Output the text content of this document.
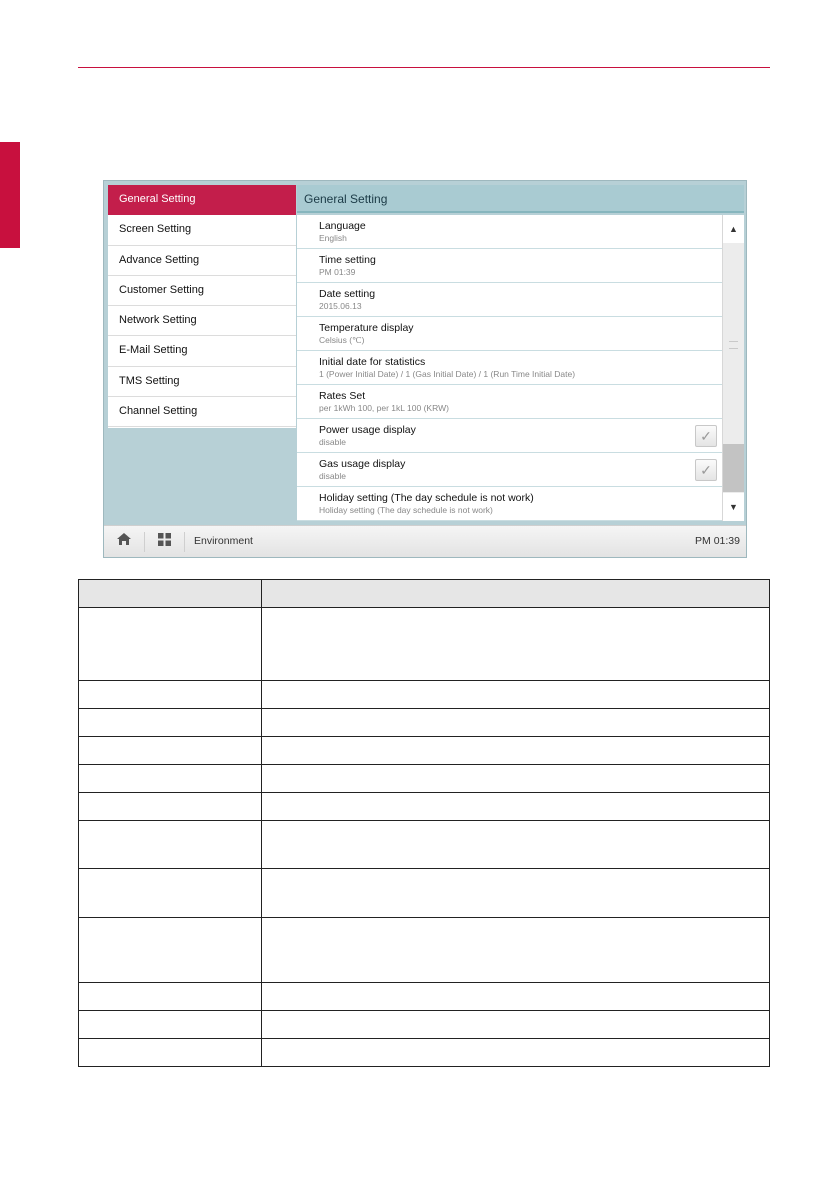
General Setting
Screen Setting
Advance Setting
Customer Setting
Network Setting
E-Mail Setting
TMS Setting
Channel Setting
General Setting
Language
English
Time setting
PM 01:39
Date setting
2015.06.13
Temperature display
Celsius (℃)
Initial date for statistics
1 (Power Initial Date) / 1 (Gas Initial Date) / 1 (Run Time Initial Date)
Rates Set
per 1kWh 100, per 1kL 100 (KRW)
Power usage display
disable	✓
Gas usage display
disable	✓
Holiday setting (The day schedule is not work)
Holiday setting (The day schedule is not work)
▲
▼
Environment	PM 01:39
